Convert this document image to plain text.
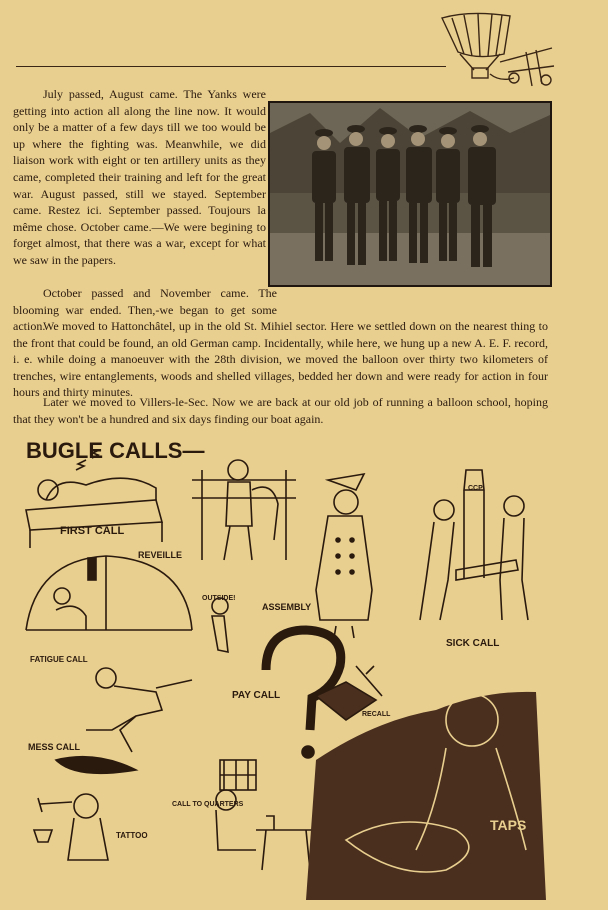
July passed, August came. The Yanks were getting into action all along the line now. It would only be a matter of a few days till we too would be up where the fighting was. Meanwhile, we did liaison work with eight or ten artillery units as they came, completed their training and left for the great war. August passed, still we stayed. September came. Restez ici. September passed. Toujours la même chose. October came.—We were begining to forget almost, that there was a war, except for what we saw in the papers.

October passed and November came. The blooming war ended. Then,-we began to get some action.

We moved to Hattonchâtel, up in the old St. Mihiel sector. Here we settled down on the nearest thing to the front that could be found, an old German camp. Incidentally, while here, we hung up a new A. E. F. record, i. e. while doing a manoeuver with the 28th division, we moved the balloon over thirty two kilometers of trenches, wire entanglements, woods and shelled villages, bedded her down and were ready for action in four hours and thirty minutes.

Later we moved to Villers-le-Sec. Now we are back at our old job of running a balloon school, hoping that they won't be a hundred and six days finding our boat again.

BUGLE CALLS—
FIRST CALL
REVEILLE
ASSEMBLY
SICK CALL
FATIGUE CALL
OUTSIDE!
PAY CALL
RECALL
MESS CALL
CALL TO QUARTERS
TATTOO
TAPS
CCP
